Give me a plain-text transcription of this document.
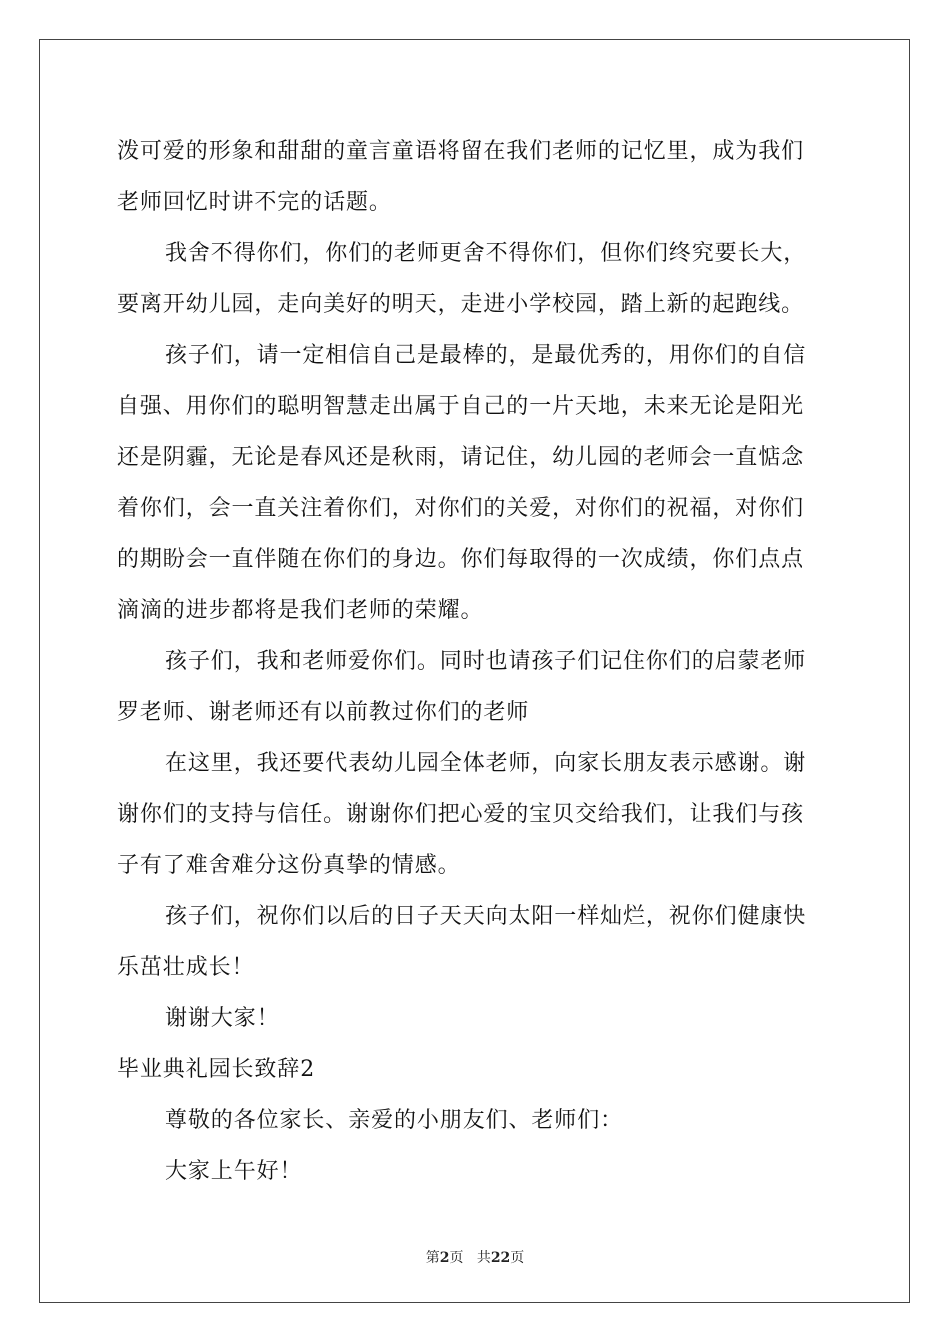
泼可爱的形象和甜甜的童言童语将留在我们老师的记忆里，成为我们
老师回忆时讲不完的话题。
我舍不得你们，你们的老师更舍不得你们，但你们终究要长大，
要离开幼儿园，走向美好的明天，走进小学校园，踏上新的起跑线。
孩子们，请一定相信自己是最棒的，是最优秀的，用你们的自信
自强、用你们的聪明智慧走出属于自己的一片天地，未来无论是阳光
还是阴霾，无论是春风还是秋雨，请记住，幼儿园的老师会一直惦念
着你们，会一直关注着你们，对你们的关爱，对你们的祝福，对你们
的期盼会一直伴随在你们的身边。你们每取得的一次成绩，你们点点
滴滴的进步都将是我们老师的荣耀。
孩子们，我和老师爱你们。同时也请孩子们记住你们的启蒙老师
罗老师、谢老师还有以前教过你们的老师
在这里，我还要代表幼儿园全体老师，向家长朋友表示感谢。谢
谢你们的支持与信任。谢谢你们把心爱的宝贝交给我们，让我们与孩
子有了难舍难分这份真挚的情感。
孩子们，祝你们以后的日子天天向太阳一样灿烂，祝你们健康快
乐茁壮成长！
谢谢大家！
毕业典礼园长致辞2
尊敬的各位家长、亲爱的小朋友们、老师们：
大家上午好！
第2页 共22页
